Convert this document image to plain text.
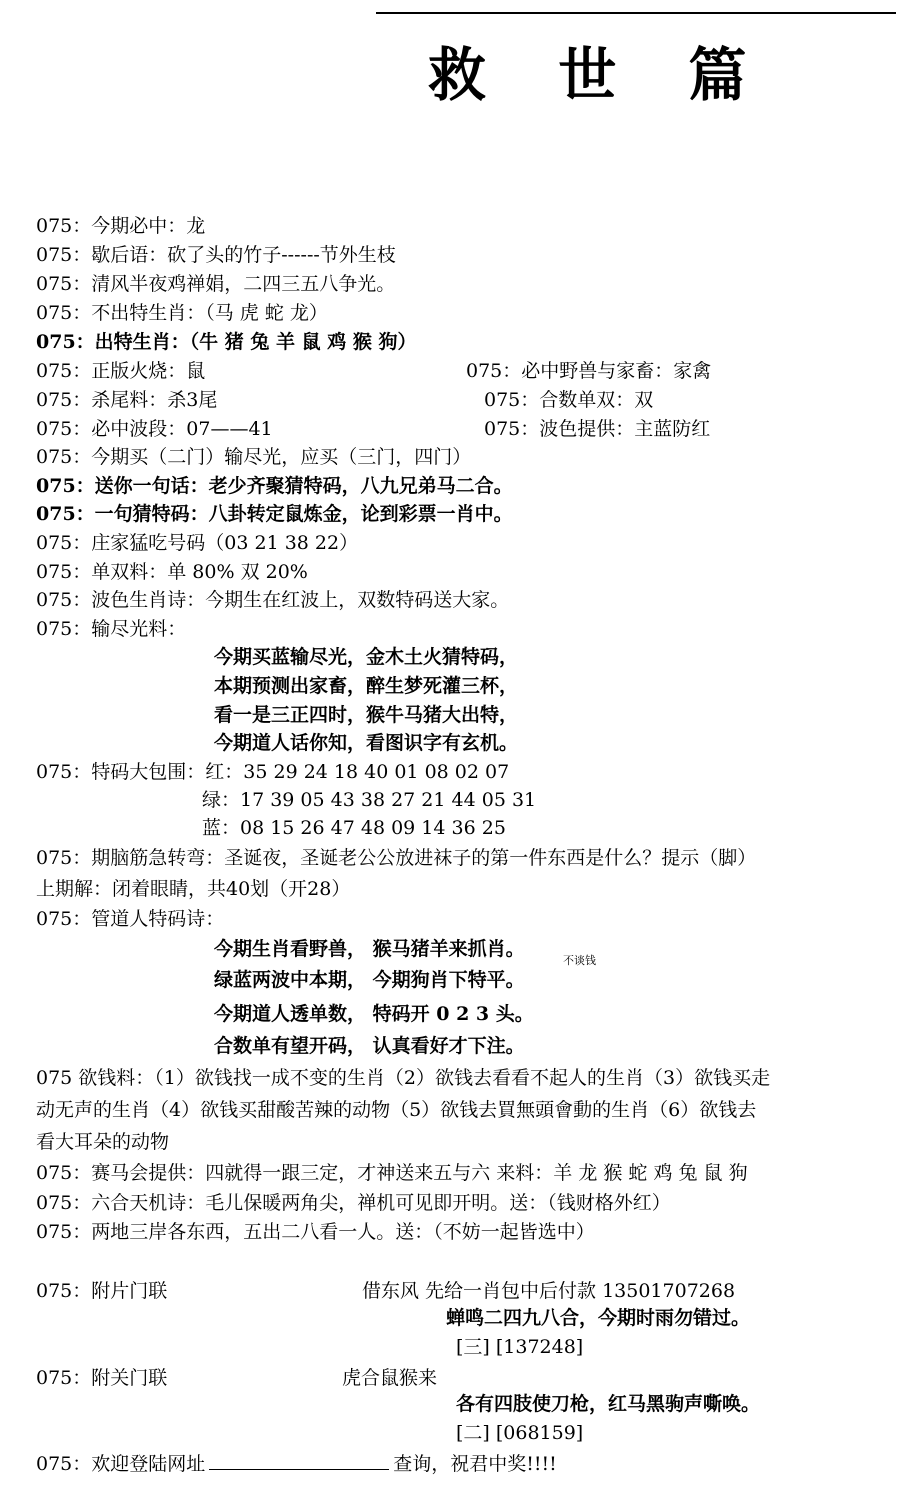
救 世 篇
075：今期必中：龙
075：歇后语：砍了头的竹子------节外生枝
075：清风半夜鸡禅娟，二四三五八争光。
075：不出特生肖：（马 虎 蛇 龙）
075：出特生肖：（牛 猪 兔 羊 鼠 鸡 猴 狗）
075：正版火烧：鼠	075：必中野兽与家畜：家禽
075：杀尾料：杀3尾	075：合数单双：双
075：必中波段：07——41	075：波色提供：主蓝防红
075：今期买（二门）输尽光，应买（三门，四门）
075：送你一句话：老少齐聚猜特码，八九兄弟马二合。
075：一句猜特码：八卦转定鼠炼金，论到彩票一肖中。
075：庄家猛吃号码（03 21 38 22）
075：单双料：单 80% 双 20%
075：波色生肖诗：今期生在红波上，双数特码送大家。
075：输尽光料：
今期买蓝输尽光，金木土火猜特码，
本期预测出家畜，醉生梦死灌三杯，
看一是三正四时，猴牛马猪大出特，
今期道人话你知，看图识字有玄机。
075：特码大包围：红：35 29 24 18 40 01 08 02 07
绿：17 39 05 43 38 27 21 44 05 31
蓝：08 15 26 47 48 09 14 36 25
075：期脑筋急转弯：圣诞夜，圣诞老公公放进袜子的第一件东西是什么？提示（脚）
上期解：闭着眼睛，共40划（开28）
075：管道人特码诗：
今期生肖看野兽， 猴马猪羊来抓肖。
不谈钱
绿蓝两波中本期， 今期狗肖下特平。
今期道人透单数， 特码开 0 2 3 头。
合数单有望开码， 认真看好才下注。
075 欲钱料：（1）欲钱找一成不变的生肖（2）欲钱去看看不起人的生肖（3）欲钱买走
动无声的生肖（4）欲钱买甜酸苦辣的动物（5）欲钱去買無頭會動的生肖（6）欲钱去
看大耳朵的动物
075：赛马会提供：四就得一跟三定，才神送来五与六 来料：羊 龙 猴 蛇 鸡 兔 鼠 狗
075：六合天机诗：毛儿保暖两角尖，禅机可见即开明。送：（钱财格外红）
075：两地三岸各东西，五出二八看一人。送：（不妨一起皆选中）
075：附片门联	借东风 先给一肖包中后付款 13501707268
蝉鸣二四九八合，今期时雨勿错过。
[三] [137248]
075：附关门联	虎合鼠猴来
各有四肢使刀枪，红马黑驹声嘶唤。
[二] [068159]
075：欢迎登陆网址	查询，祝君中奖!!!!
